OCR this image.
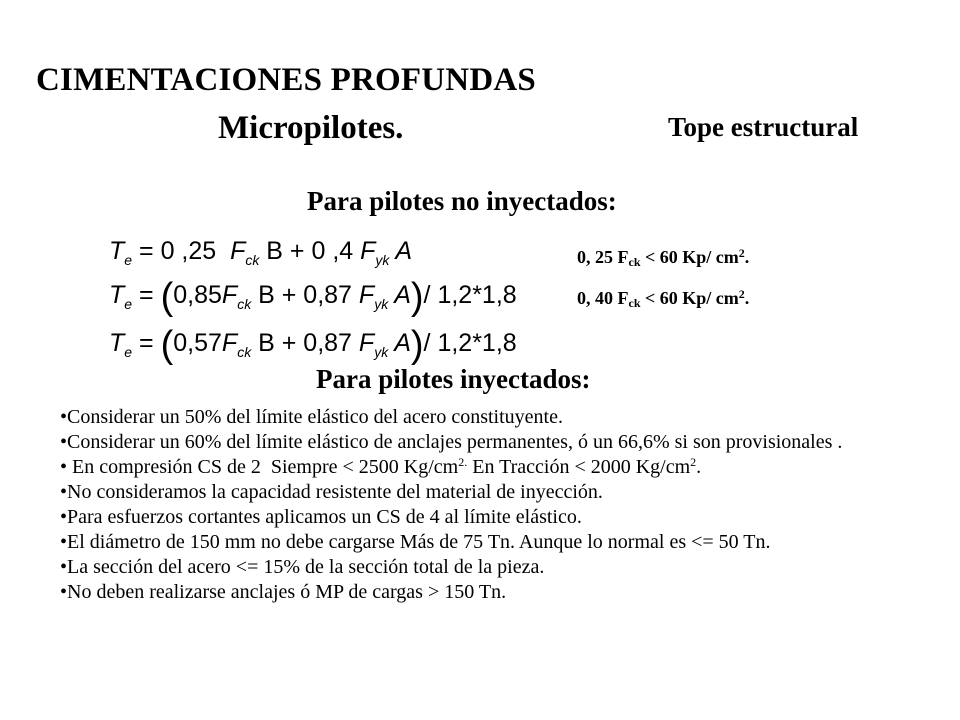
CIMENTACIONES PROFUNDAS
Micropilotes.	Tope estructural
Para pilotes no inyectados:
$T_e = 0$ ,25  $F_{ck}$ B + 0 ,4 $F_{yk}$ A
$T_e = (0,85F_{ck}$ B + 0,87 $F_{yk}$ A)/ 1,2*1,8
$T_e = (0,57F_{ck}$ B + 0,87 $F_{yk}$ A)/ 1,2*1,8
0, 25 $F_{ck} < 60$ Kp/ $cm^2$.
0, 40 $F_{ck} < 60$ Kp/ $cm^2$.
Para pilotes inyectados:

•Considerar un 50% del límite elástico del acero constituyente.

•Considerar un 60% del límite elástico de anclajes permanentes, ó un 66,6% si son provisionales .

• En compresión CS de 2  Siempre < 2500 $Kg/cm^{2.}$ En Tracción < 2000 $Kg/cm^2$.

•No consideramos la capacidad resistente del material de inyección.

•Para esfuerzos cortantes aplicamos un CS de 4 al límite elástico.

•El diámetro de 150 mm no debe cargarse Más de 75 Tn. Aunque lo normal es <= 50 Tn.

•La sección del acero <= 15% de la sección total de la pieza.

•No deben realizarse anclajes ó MP de cargas > 150 Tn.
